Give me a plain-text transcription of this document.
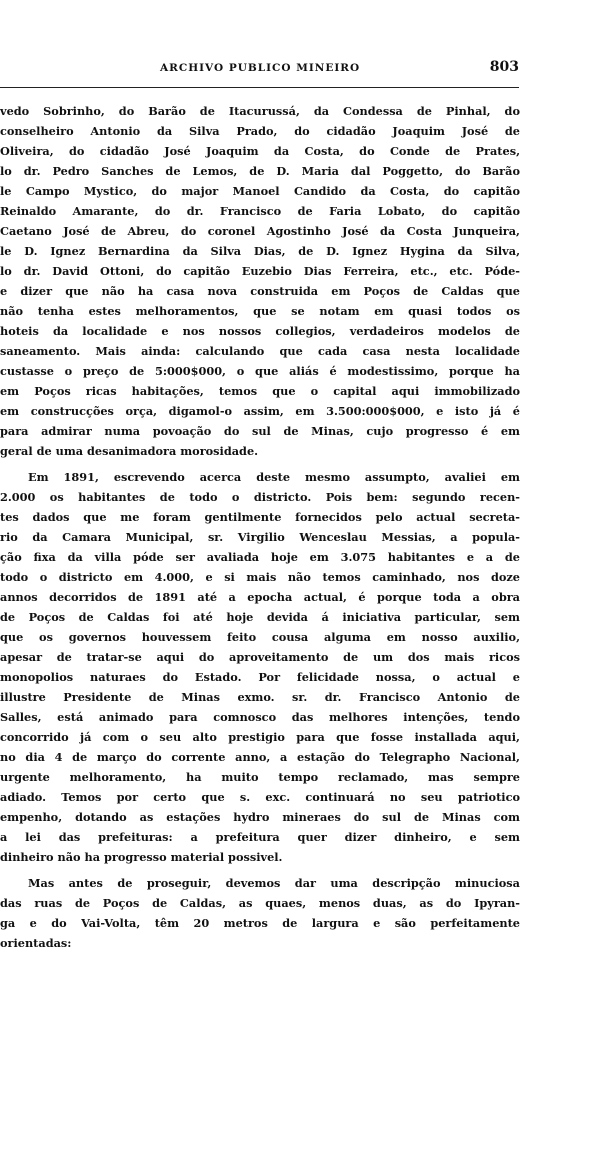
ARCHIVO PUBLICO MINEIRO	803
vedo Sobrinho, do Barão de Itacurussá, da Condessa de Pinhal, do
conselheiro Antonio da Silva Prado, do cidadão Joaquim José de
Oliveira, do cidadão José Joaquim da Costa, do Conde de Prates,
lo dr. Pedro Sanches de Lemos, de D. Maria dal Poggetto, do Barão
le Campo Mystico, do major Manoel Candido da Costa, do capitão
Reinaldo Amarante, do dr. Francisco de Faria Lobato, do capitão
Caetano José de Abreu, do coronel Agostinho José da Costa Junqueira,
le D. Ignez Bernardina da Silva Dias, de D. Ignez Hygina da Silva,
lo dr. David Ottoni, do capitão Euzebio Dias Ferreira, etc., etc. Póde-
e dizer que não ha casa nova construida em Poços de Caldas que
não tenha estes melhoramentos, que se notam em quasi todos os
hoteis da localidade e nos nossos collegios, verdadeiros modelos de
saneamento. Mais ainda: calculando que cada casa nesta localidade
custasse o preço de 5:000$000, o que aliás é modestissimo, porque ha
em Poços ricas habitações, temos que o capital aqui immobilizado
em construcções orça, digamol-o assim, em 3.500:000$000, e isto já é
para admirar numa povoação do sul de Minas, cujo progresso é em
geral de uma desanimadora morosidade.
Em 1891, escrevendo acerca deste mesmo assumpto, avaliei em
2.000 os habitantes de todo o districto. Pois bem: segundo recen-
tes dados que me foram gentilmente fornecidos pelo actual secreta-
rio da Camara Municipal, sr. Virgilio Wenceslau Messias, a popula-
ção fixa da villa póde ser avaliada hoje em 3.075 habitantes e a de
todo o districto em 4.000, e si mais não temos caminhado, nos doze
annos decorridos de 1891 até a epocha actual, é porque toda a obra
de Poços de Caldas foi até hoje devida á iniciativa particular, sem
que os governos houvessem feito cousa alguma em nosso auxilio,
apesar de tratar-se aqui do aproveitamento de um dos mais ricos
monopolios naturaes do Estado. Por felicidade nossa, o actual e
illustre Presidente de Minas exmo. sr. dr. Francisco Antonio de
Salles, está animado para comnosco das melhores intenções, tendo
concorrido já com o seu alto prestigio para que fosse installada aqui,
no dia 4 de março do corrente anno, a estação do Telegrapho Nacional,
urgente melhoramento, ha muito tempo reclamado, mas sempre
adiado. Temos por certo que s. exc. continuará no seu patriotico
empenho, dotando as estações hydro mineraes do sul de Minas com
a lei das prefeituras: a prefeitura quer dizer dinheiro, e sem
dinheiro não ha progresso material possivel.
Mas antes de proseguir, devemos dar uma descripção minuciosa
das ruas de Poços de Caldas, as quaes, menos duas, as do Ipyran-
ga e do Vai-Volta, têm 20 metros de largura e são perfeitamente
orientadas:
